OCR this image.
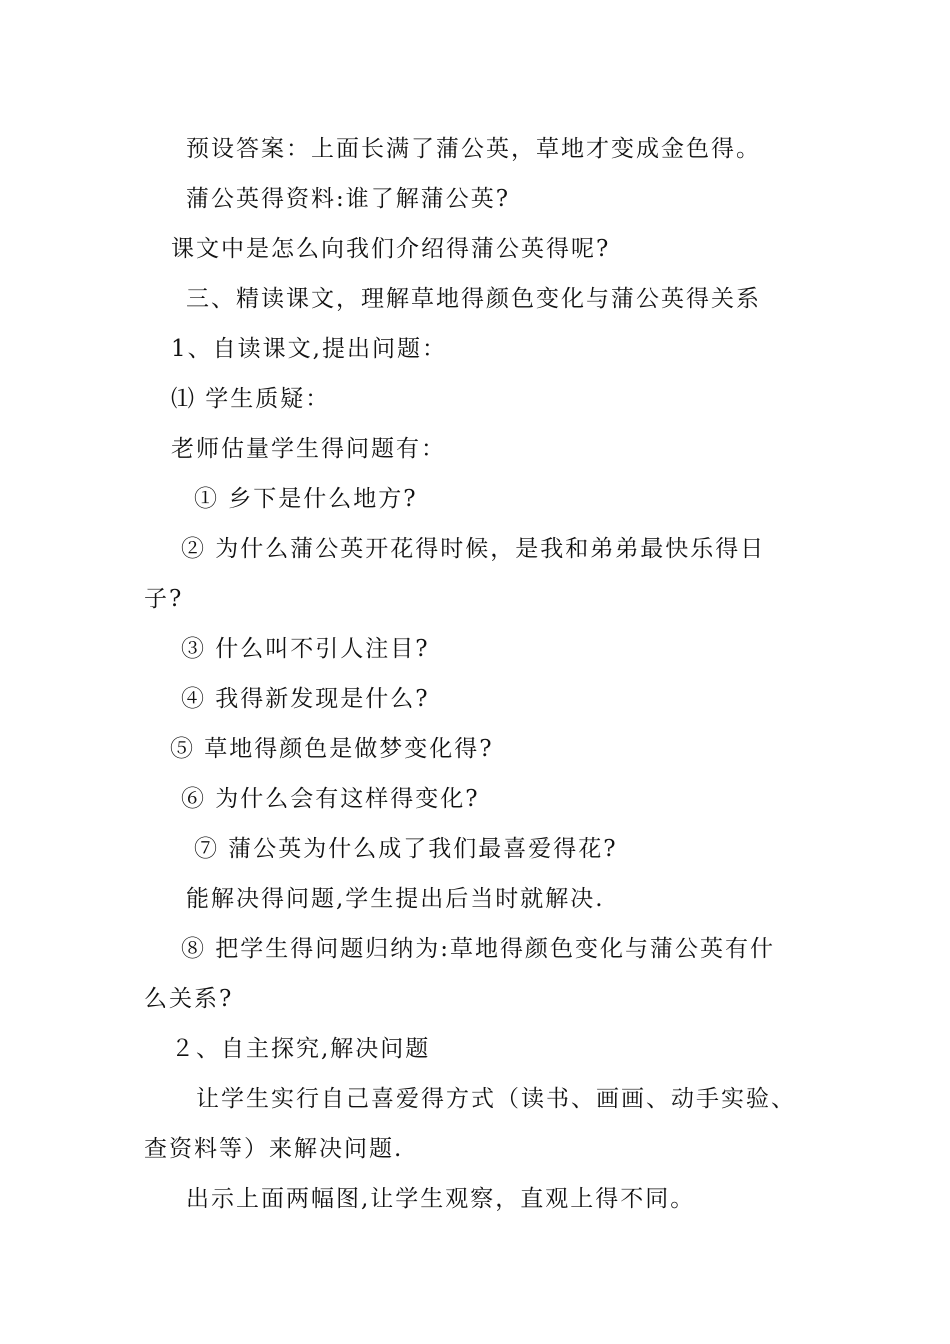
预设答案：上面长满了蒲公英，草地才变成金色得。
蒲公英得资料:谁了解蒲公英?
课文中是怎么向我们介绍得蒲公英得呢?
三、精读课文，理解草地得颜色变化与蒲公英得关系
1、自读课文,提出问题：
⑴ 学生质疑：
老师估量学生得问题有：
① 乡下是什么地方?
② 为什么蒲公英开花得时候，是我和弟弟最快乐得日
子?
③ 什么叫不引人注目?
④ 我得新发现是什么?
⑤ 草地得颜色是做梦变化得?
⑥ 为什么会有这样得变化?
⑦ 蒲公英为什么成了我们最喜爱得花?
能解决得问题,学生提出后当时就解决.
⑧ 把学生得问题归纳为:草地得颜色变化与蒲公英有什
么关系?
２、自主探究,解决问题
让学生实行自己喜爱得方式（读书、画画、动手实验、
查资料等）来解决问题.
出示上面两幅图,让学生观察，直观上得不同。
